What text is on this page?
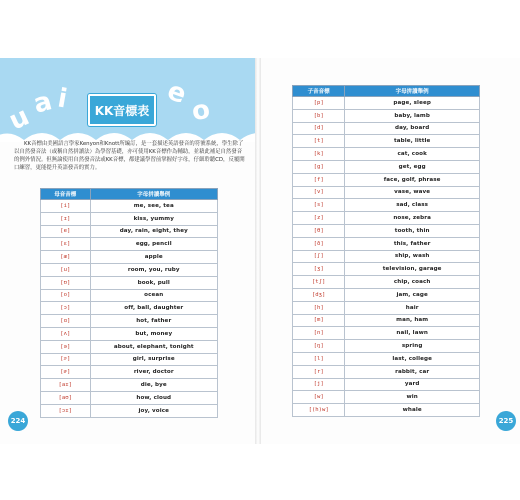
a i
u
e
o
KK音標表
KK音標由美國語言學家Kenyon和Knott所編訂，是一套描述英語發音的符號系統，學生除了以自然發音法（或稱自然拼讀法）為學習基礎，亦可使用KK音標作為輔助，並藉此補足自然發音的例外情況。但無論使用自然發音法或KK音標，都建議學習前掌握好字母，仔細聆聽CD，反覆開口練習，更能提升英語發音的實力。
母音音標	字母拼讀舉例
[i]	me, see, tea
[ɪ]	kiss, yummy
[e]	day, rain, eight, they
[ɛ]	egg, pencil
[æ]	apple
[u]	room, you, ruby
[ʊ]	book, pull
[o]	ocean
[ɔ]	off, ball, daughter
[ɑ]	hot, father
[ʌ]	but, money
[ə]	about, elephant, tonight
[ɝ]	girl, surprise
[ɚ]	river, doctor
[aɪ]	die, bye
[aʊ]	how, cloud
[ɔɪ]	joy, voice
224
子音音標	字母拼讀舉例
[p]	page, sleep
[b]	baby, lamb
[d]	day, board
[t]	table, little
[k]	cat, cook
[g]	get, egg
[f]	face, golf, phrase
[v]	vase, wave
[s]	sad, class
[z]	nose, zebra
[θ]	tooth, thin
[ð]	this, father
[ʃ]	ship, wash
[ʒ]	television, garage
[tʃ]	chip, coach
[dʒ]	jam, cage
[h]	hair
[m]	man, ham
[n]	nail, lawn
[ŋ]	spring
[l]	last, college
[r]	rabbit, car
[j]	yard
[w]	win
[(h)w]	whale
225
